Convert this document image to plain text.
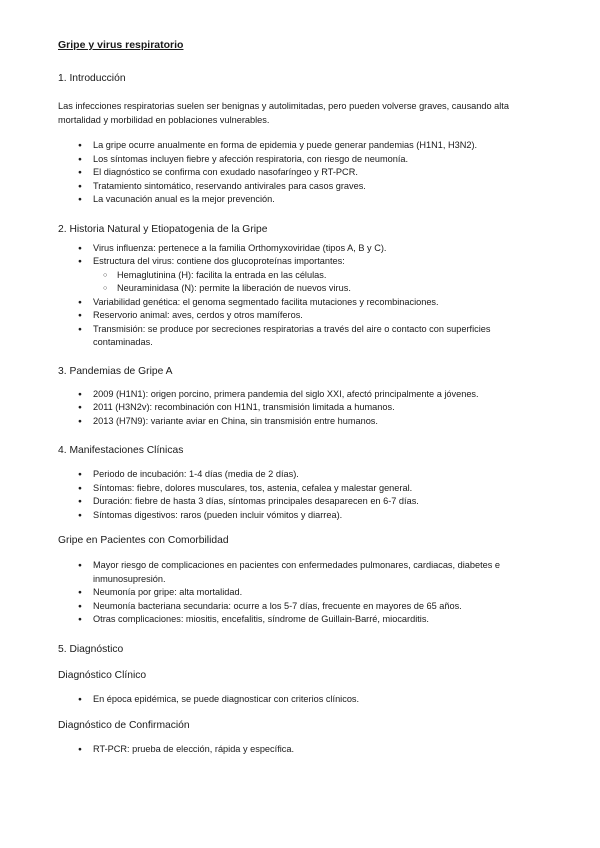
Gripe y virus respiratorio
1. Introducción

Las infecciones respiratorias suelen ser benignas y autolimitadas, pero pueden volverse graves, causando alta mortalidad y morbilidad en poblaciones vulnerables.

● La gripe ocurre anualmente en forma de epidemia y puede generar pandemias (H1N1, H3N2).
● Los síntomas incluyen fiebre y afección respiratoria, con riesgo de neumonía.
● El diagnóstico se confirma con exudado nasofaríngeo y RT-PCR.
● Tratamiento sintomático, reservando antivirales para casos graves.
● La vacunación anual es la mejor prevención.
2. Historia Natural y Etiopatogenia de la Gripe
● Virus influenza: pertenece a la familia Orthomyxoviridae (tipos A, B y C).
● Estructura del virus: contiene dos glucoproteínas importantes:
○ Hemaglutinina (H): facilita la entrada en las células.
○ Neuraminidasa (N): permite la liberación de nuevos virus.
● Variabilidad genética: el genoma segmentado facilita mutaciones y recombinaciones.
● Reservorio animal: aves, cerdos y otros mamíferos.
● Transmisión: se produce por secreciones respiratorias a través del aire o contacto con superficies contaminadas.
3. Pandemias de Gripe A
● 2009 (H1N1): origen porcino, primera pandemia del siglo XXI, afectó principalmente a jóvenes.
● 2011 (H3N2v): recombinación con H1N1, transmisión limitada a humanos.
● 2013 (H7N9): variante aviar en China, sin transmisión entre humanos.
4. Manifestaciones Clínicas
● Periodo de incubación: 1-4 días (media de 2 días).
● Síntomas: fiebre, dolores musculares, tos, astenia, cefalea y malestar general.
● Duración: fiebre de hasta 3 días, síntomas principales desaparecen en 6-7 días.
● Síntomas digestivos: raros (pueden incluir vómitos y diarrea).
Gripe en Pacientes con Comorbilidad
● Mayor riesgo de complicaciones en pacientes con enfermedades pulmonares, cardiacas, diabetes e inmunosupresión.
● Neumonía por gripe: alta mortalidad.
● Neumonía bacteriana secundaria: ocurre a los 5-7 días, frecuente en mayores de 65 años.
● Otras complicaciones: miositis, encefalitis, síndrome de Guillain-Barré, miocarditis.
5. Diagnóstico
Diagnóstico Clínico
● En época epidémica, se puede diagnosticar con criterios clínicos.
Diagnóstico de Confirmación
● RT-PCR: prueba de elección, rápida y específica.
